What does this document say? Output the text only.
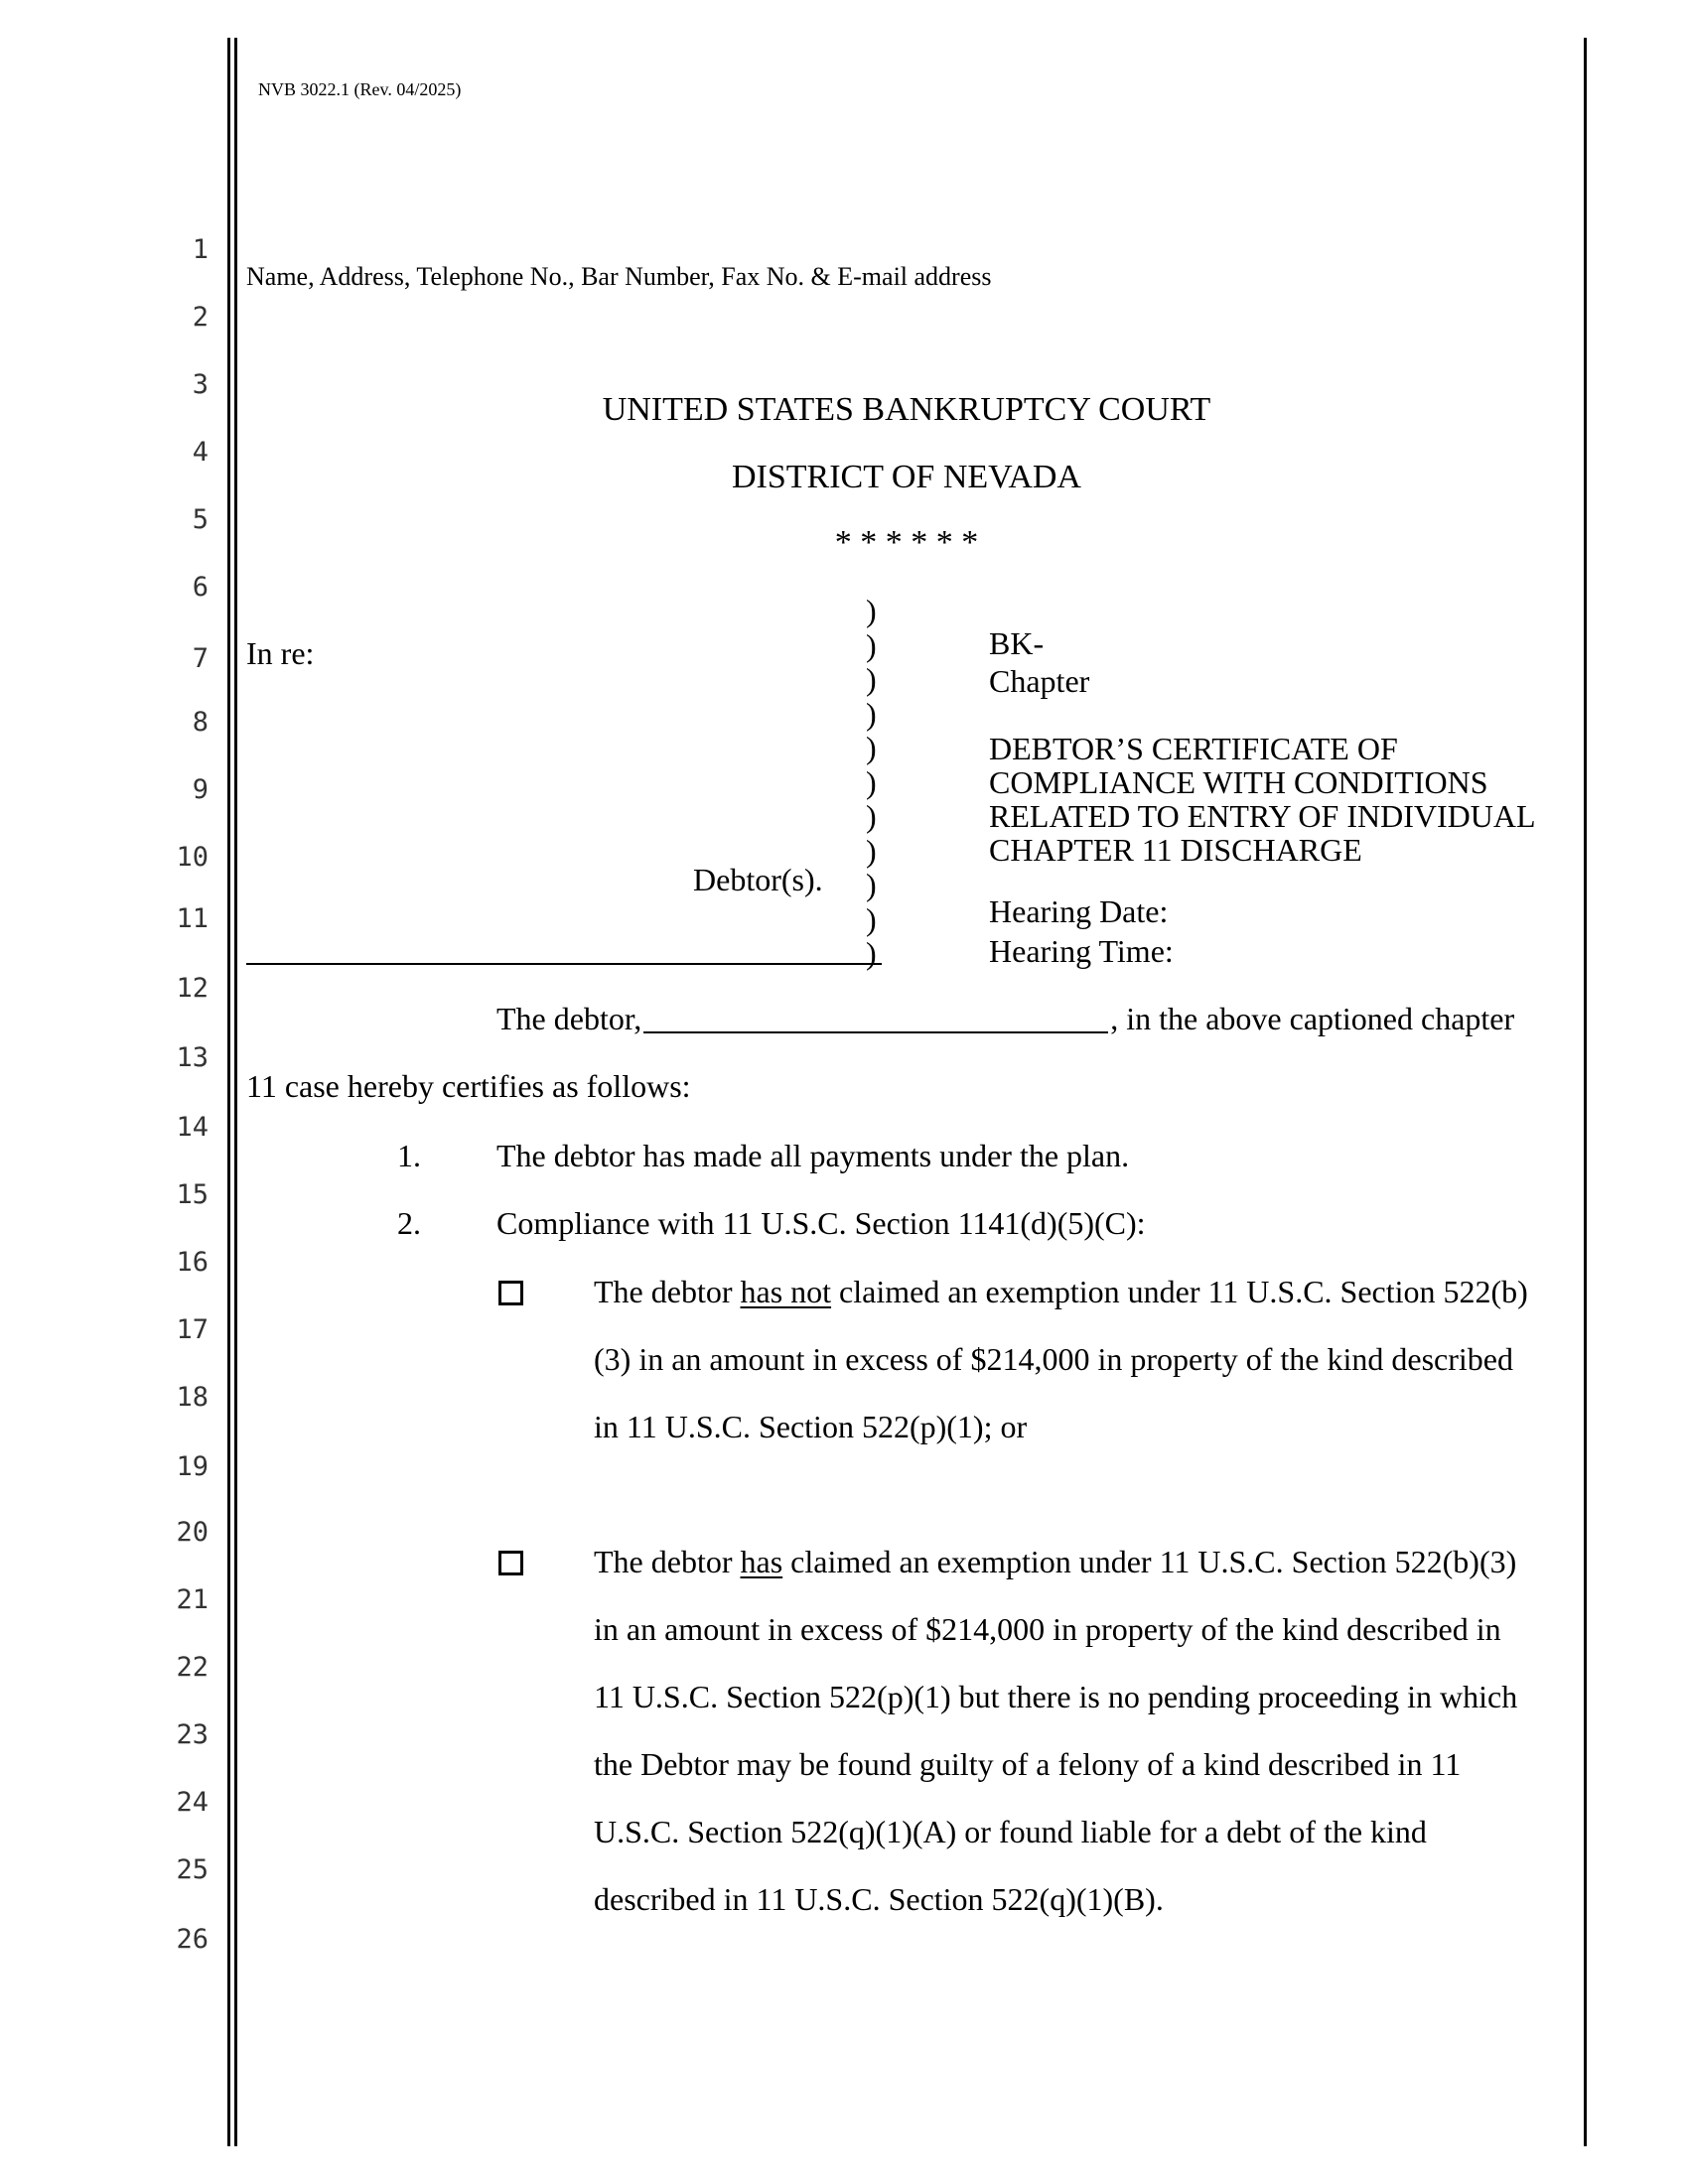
NVB 3022.1 (Rev. 04/2025)
1
2
3
4
5
6
7
8
9
10
11
12
13
14
15
16
17
18
19
20
21
22
23
24
25
26
Name, Address, Telephone No., Bar Number, Fax No. & E-mail address
UNITED STATES BANKRUPTCY COURT
DISTRICT OF NEVADA
* * * * * *
In re:
Debtor(s).
)
)
)
)
)
)
)
)
)
)
)
BK-
Chapter
DEBTOR’S CERTIFICATE OF
COMPLIANCE WITH CONDITIONS
RELATED TO ENTRY OF INDIVIDUAL
CHAPTER 11 DISCHARGE
Hearing Date:
Hearing Time:
The debtor,	, in the above captioned chapter
11 case hereby certifies as follows:
1. The debtor has made all payments under the plan.
2. Compliance with 11 U.S.C. Section 1141(d)(5)(C):
The debtor has not claimed an exemption under 11 U.S.C. Section 522(b)
(3) in an amount in excess of $214,000 in property of the kind described
in 11 U.S.C. Section 522(p)(1); or
The debtor has claimed an exemption under 11 U.S.C. Section 522(b)(3)
in an amount in excess of $214,000 in property of the kind described in
11 U.S.C. Section 522(p)(1) but there is no pending proceeding in which
the Debtor may be found guilty of a felony of a kind described in 11
U.S.C. Section 522(q)(1)(A) or found liable for a debt of the kind
described in 11 U.S.C. Section 522(q)(1)(B).
